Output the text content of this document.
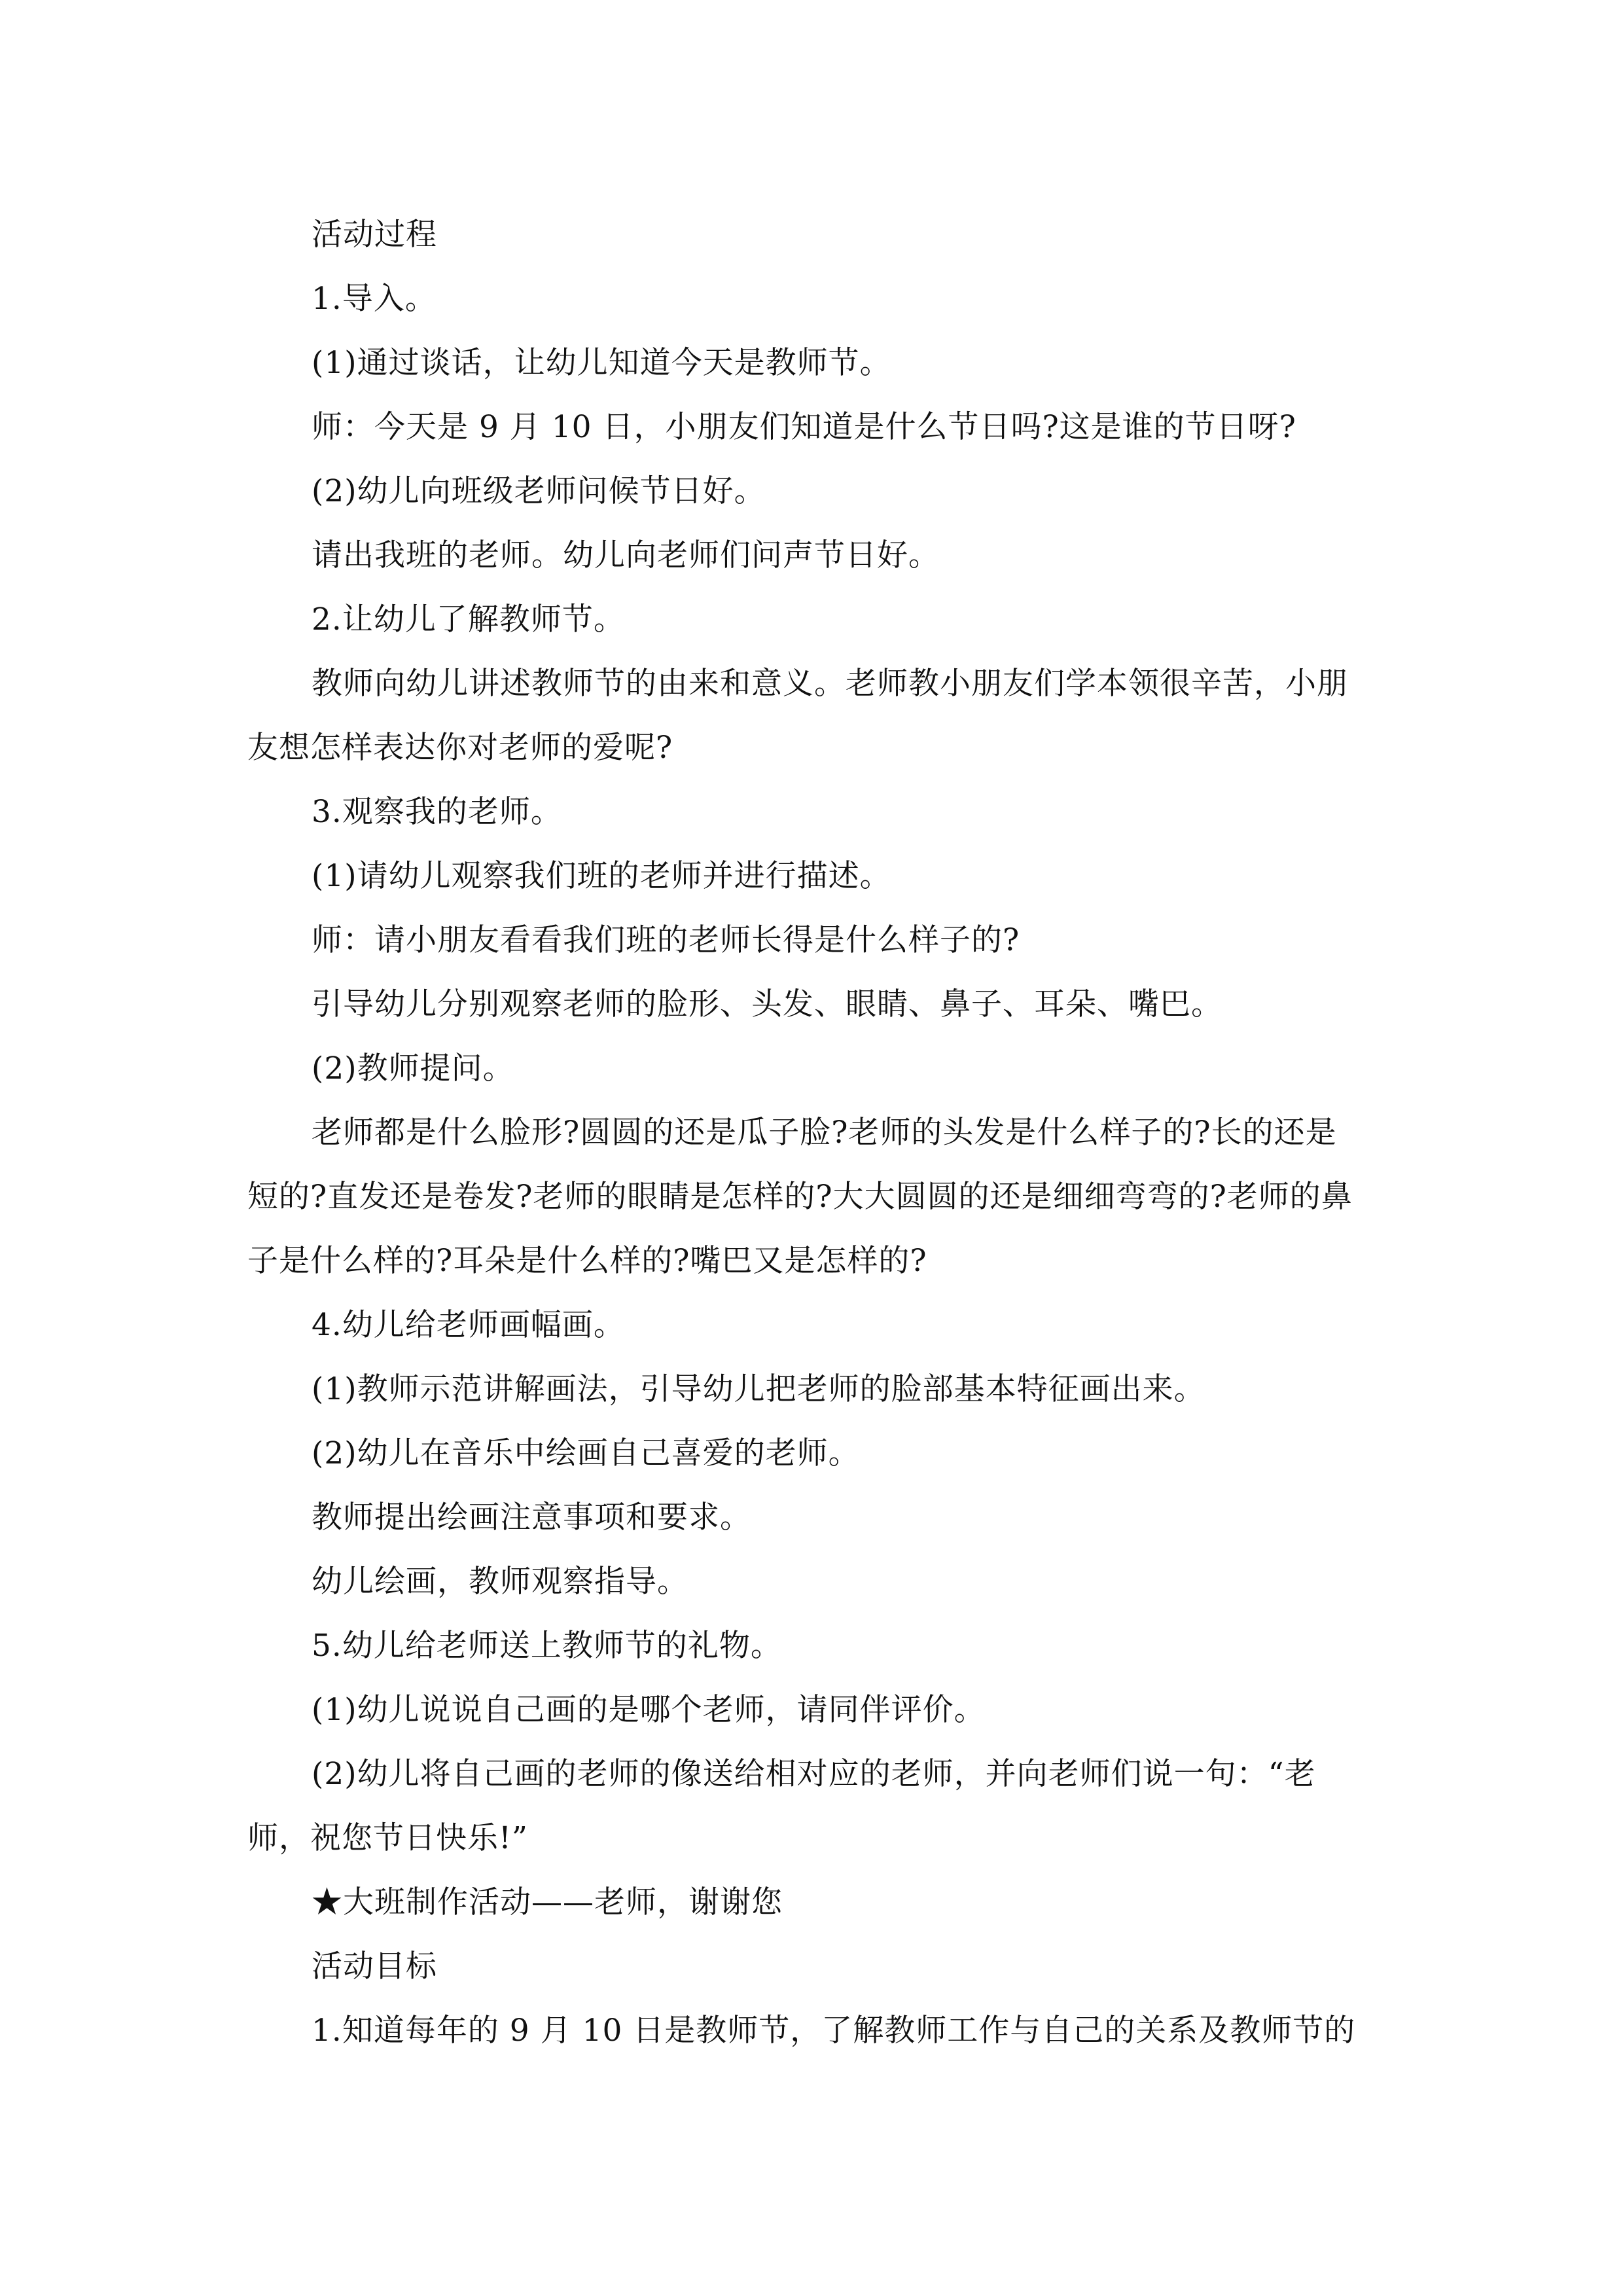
活动过程
1.导入。
(1)通过谈话，让幼儿知道今天是教师节。
师：今天是 9 月 10 日，小朋友们知道是什么节日吗?这是谁的节日呀?
(2)幼儿向班级老师问候节日好。
请出我班的老师。幼儿向老师们问声节日好。
2.让幼儿了解教师节。
教师向幼儿讲述教师节的由来和意义。老师教小朋友们学本领很辛苦，小朋
友想怎样表达你对老师的爱呢?
3.观察我的老师。
(1)请幼儿观察我们班的老师并进行描述。
师：请小朋友看看我们班的老师长得是什么样子的?
引导幼儿分别观察老师的脸形、头发、眼睛、鼻子、耳朵、嘴巴。
(2)教师提问。
老师都是什么脸形?圆圆的还是瓜子脸?老师的头发是什么样子的?长的还是
短的?直发还是卷发?老师的眼睛是怎样的?大大圆圆的还是细细弯弯的?老师的鼻
子是什么样的?耳朵是什么样的?嘴巴又是怎样的?
4.幼儿给老师画幅画。
(1)教师示范讲解画法，引导幼儿把老师的脸部基本特征画出来。
(2)幼儿在音乐中绘画自己喜爱的老师。
教师提出绘画注意事项和要求。
幼儿绘画，教师观察指导。
5.幼儿给老师送上教师节的礼物。
(1)幼儿说说自己画的是哪个老师，请同伴评价。
(2)幼儿将自己画的老师的像送给相对应的老师，并向老师们说一句：“老
师，祝您节日快乐!”
★大班制作活动——老师，谢谢您
活动目标
1.知道每年的 9 月 10 日是教师节，了解教师工作与自己的关系及教师节的
